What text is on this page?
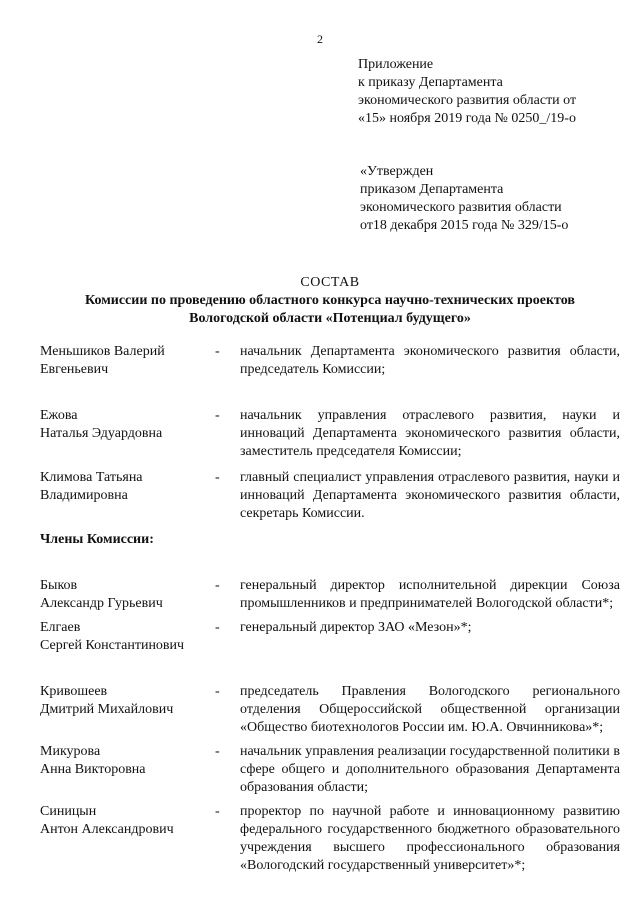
2
Приложение
к приказу Департамента
экономического развития области от
«15» ноября 2019 года № 0250_/19-о
«Утвержден
приказом Департамента
экономического развития области
от18 декабря 2015 года № 329/15-о
СОСТАВ
Комиссии по проведению областного конкурса научно-технических проектов
Вологодской области «Потенциал будущего»
Меньшиков Валерий
Евгеньевич
-	начальник Департамента экономического развития области, председатель Комиссии;
Ежова
Наталья Эдуардовна
-	начальник управления отраслевого развития, науки и инноваций Департамента экономического развития области, заместитель председателя Комиссии;
Климова Татьяна
Владимировна
-	главный специалист управления отраслевого развития, науки и инноваций Департамента экономического развития области, секретарь Комиссии.
Члены Комиссии:
Быков
Александр Гурьевич
-	генеральный директор исполнительной дирекции Союза промышленников и предпринимателей Вологодской области*;
Елгаев
Сергей Константинович
-	генеральный директор ЗАО «Мезон»*;
Кривошеев
Дмитрий Михайлович
-	председатель Правления Вологодского регионального отделения Общероссийской общественной организации «Общество биотехнологов России им. Ю.А. Овчинникова»*;
Микурова
Анна Викторовна
-	начальник управления реализации государственной политики в сфере общего и дополнительного образования Департамента образования области;
Синицын
Антон Александрович
-	проректор по научной работе и инновационному развитию федерального государственного бюджетного образовательного учреждения высшего профессионального образования «Вологодский государственный университет»*;
